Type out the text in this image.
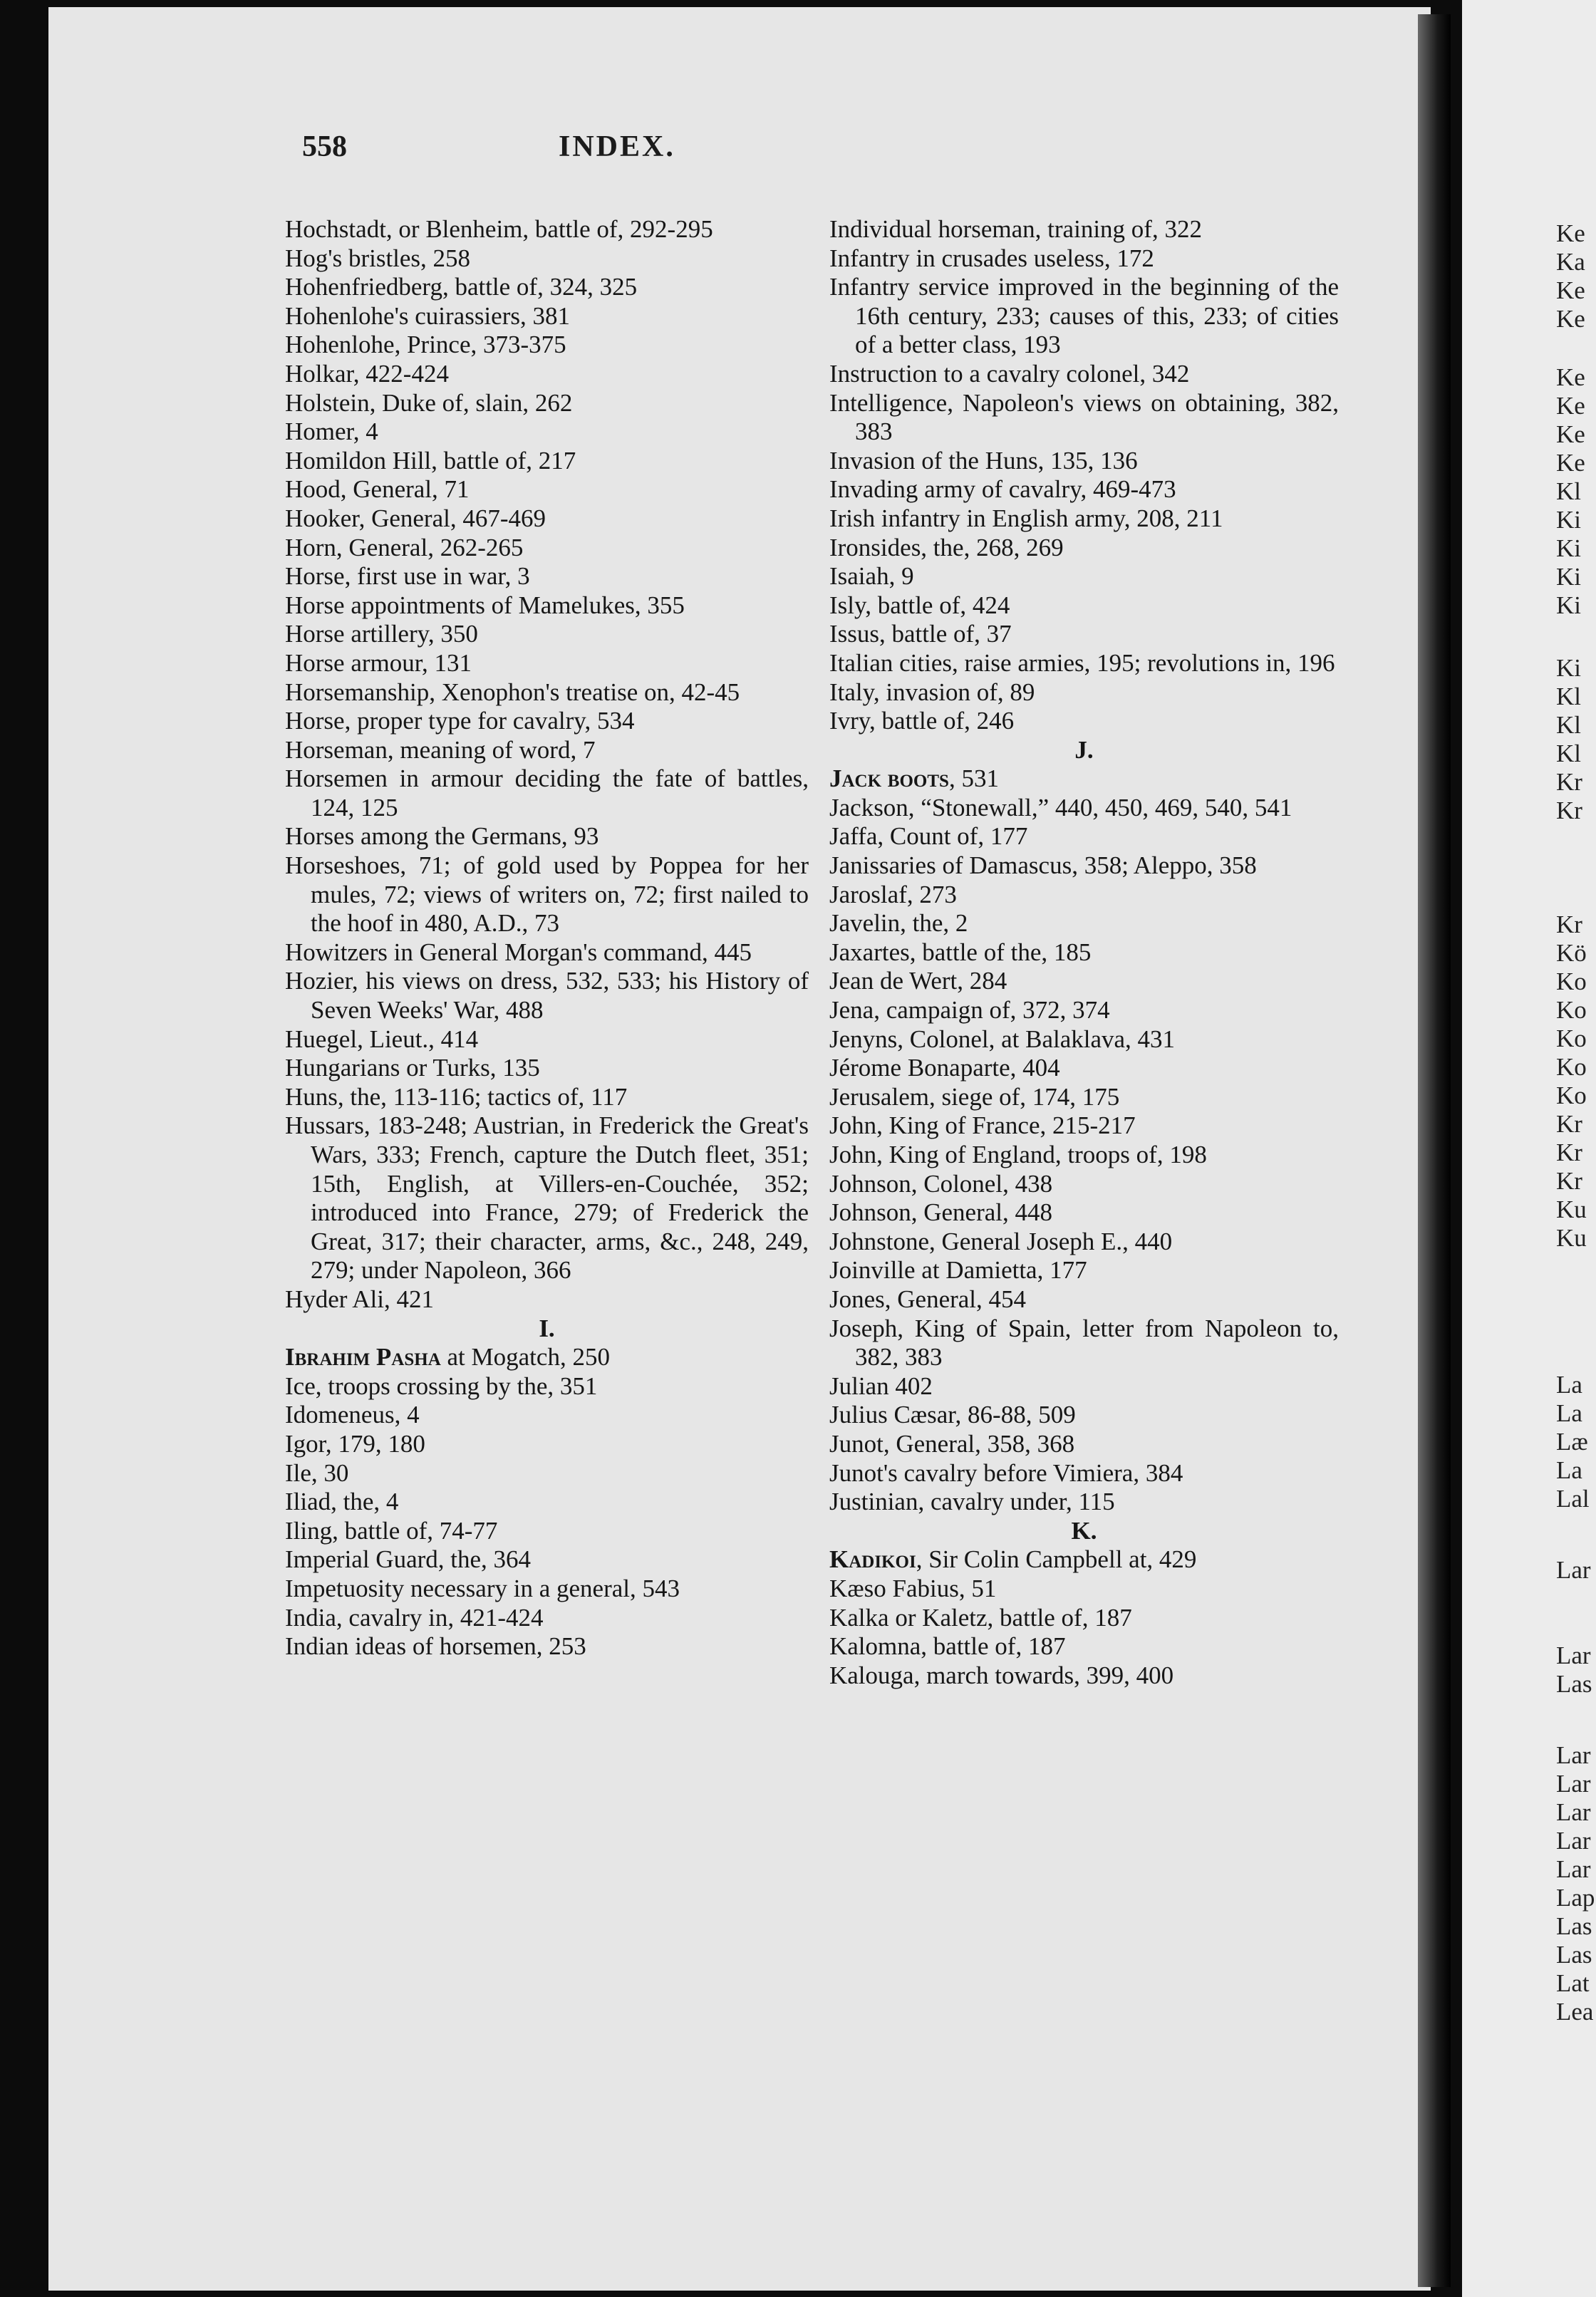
558	INDEX.
Hochstadt, or Blenheim, battle of, 292-295
Hog's bristles, 258
Hohenfriedberg, battle of, 324, 325
Hohenlohe's cuirassiers, 381
Hohenlohe, Prince, 373-375
Holkar, 422-424
Holstein, Duke of, slain, 262
Homer, 4
Homildon Hill, battle of, 217
Hood, General, 71
Hooker, General, 467-469
Horn, General, 262-265
Horse, first use in war, 3
Horse appointments of Mamelukes, 355
Horse artillery, 350
Horse armour, 131
Horsemanship, Xenophon's treatise on, 42-45
Horse, proper type for cavalry, 534
Horseman, meaning of word, 7
Horsemen in armour deciding the fate of battles, 124, 125
Horses among the Germans, 93
Horseshoes, 71; of gold used by Poppea for her mules, 72; views of writers on, 72; first nailed to the hoof in 480, A.D., 73
Howitzers in General Morgan's command, 445
Hozier, his views on dress, 532, 533; his History of Seven Weeks' War, 488
Huegel, Lieut., 414
Hungarians or Turks, 135
Huns, the, 113-116; tactics of, 117
Hussars, 183-248; Austrian, in Frederick the Great's Wars, 333; French, capture the Dutch fleet, 351; 15th, English, at Villers-en-Couchée, 352; introduced into France, 279; of Frederick the Great, 317; their character, arms, &c., 248, 249, 279; under Napoleon, 366
Hyder Ali, 421
I.
Ibrahim Pasha at Mogatch, 250
Ice, troops crossing by the, 351
Idomeneus, 4
Igor, 179, 180
Ile, 30
Iliad, the, 4
Iling, battle of, 74-77
Imperial Guard, the, 364
Impetuosity necessary in a general, 543
India, cavalry in, 421-424
Indian ideas of horsemen, 253
Individual horseman, training of, 322
Infantry in crusades useless, 172
Infantry service improved in the beginning of the 16th century, 233; causes of this, 233; of cities of a better class, 193
Instruction to a cavalry colonel, 342
Intelligence, Napoleon's views on obtaining, 382, 383
Invasion of the Huns, 135, 136
Invading army of cavalry, 469-473
Irish infantry in English army, 208, 211
Ironsides, the, 268, 269
Isaiah, 9
Isly, battle of, 424
Issus, battle of, 37
Italian cities, raise armies, 195; revolutions in, 196
Italy, invasion of, 89
Ivry, battle of, 246
J.
Jack boots, 531
Jackson, “Stonewall,” 440, 450, 469, 540, 541
Jaffa, Count of, 177
Janissaries of Damascus, 358; Aleppo, 358
Jaroslaf, 273
Javelin, the, 2
Jaxartes, battle of the, 185
Jean de Wert, 284
Jena, campaign of, 372, 374
Jenyns, Colonel, at Balaklava, 431
Jérome Bonaparte, 404
Jerusalem, siege of, 174, 175
John, King of France, 215-217
John, King of England, troops of, 198
Johnson, Colonel, 438
Johnson, General, 448
Johnstone, General Joseph E., 440
Joinville at Damietta, 177
Jones, General, 454
Joseph, King of Spain, letter from Napoleon to, 382, 383
Julian 402
Julius Cæsar, 86-88, 509
Junot, General, 358, 368
Junot's cavalry before Vimiera, 384
Justinian, cavalry under, 115
K.
Kadikoi, Sir Colin Campbell at, 429
Kæso Fabius, 51
Kalka or Kaletz, battle of, 187
Kalomna, battle of, 187
Kalouga, march towards, 399, 400
Ke
Ka
Ke
Ke
Ke
Ke
Ke
Ke
Kl
Ki
Ki
Ki
Ki
Ki
Kl
Kl
Kl
Kr
Kr
Kr
Kö
Ko
Ko
Ko
Ko
Ko
Kr
Kr
Kr
Ku
Ku
La
La
Læ
La
Lal
Lar
Lar
Las
Lar
Lar
Lar
Lar
Lar
Lap
Las
Las
Lat
Lea
